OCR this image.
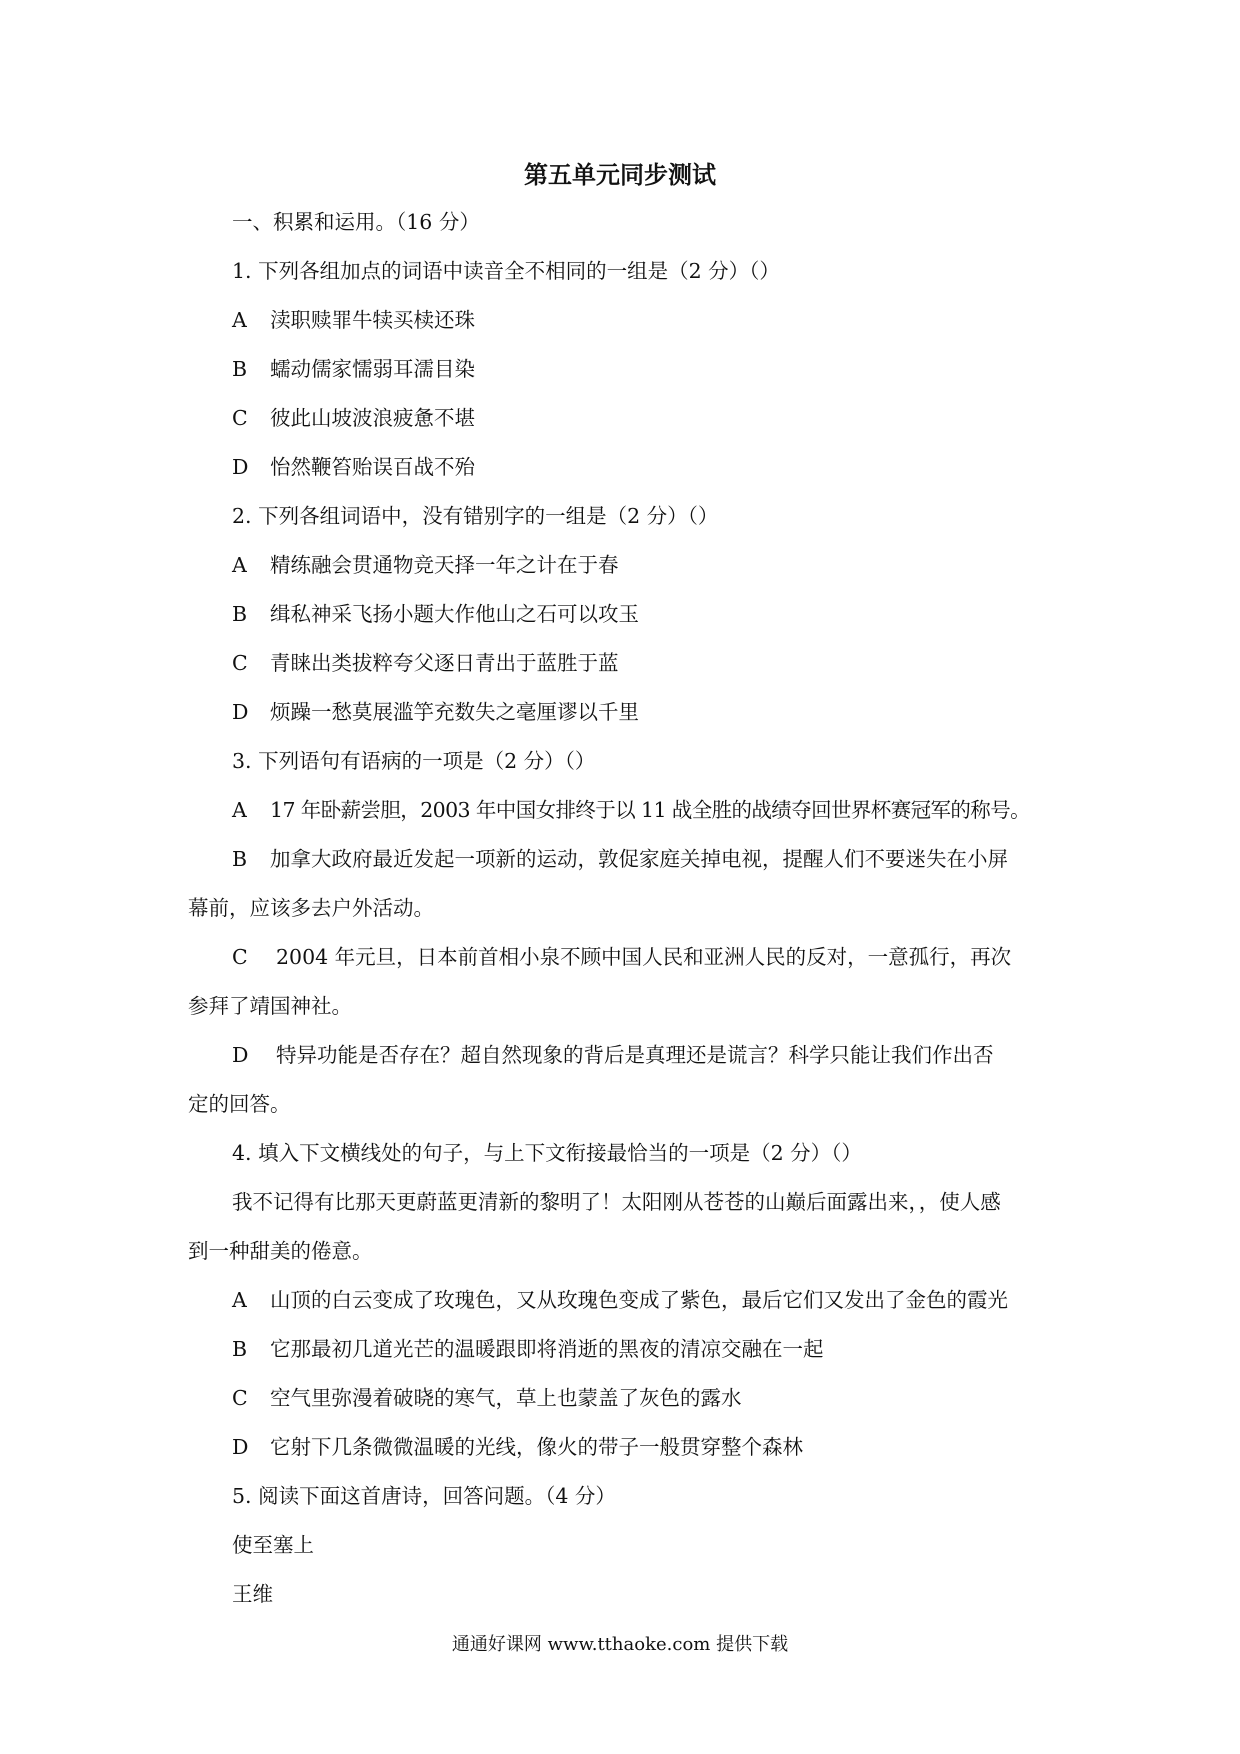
第五单元同步测试
一、积累和运用。（16 分）
1. 下列各组加点的词语中读音全不相同的一组是（2 分）（）
A 渎职赎罪牛犊买椟还珠
B 蠕动儒家懦弱耳濡目染
C 彼此山坡波浪疲惫不堪
D 怡然鞭笞贻误百战不殆
2. 下列各组词语中，没有错别字的一组是（2 分）（）
A 精练融会贯通物竞天择一年之计在于春
B 缉私神采飞扬小题大作他山之石可以攻玉
C 青睐出类拔粹夸父逐日青出于蓝胜于蓝
D 烦躁一愁莫展滥竽充数失之毫厘谬以千里
3. 下列语句有语病的一项是（2 分）（）
A 17 年卧薪尝胆，2003 年中国女排终于以 11 战全胜的战绩夺回世界杯赛冠军的称号。
B 加拿大政府最近发起一项新的运动，敦促家庭关掉电视，提醒人们不要迷失在小屏
幕前，应该多去户外活动。
C 2004 年元旦，日本前首相小泉不顾中国人民和亚洲人民的反对，一意孤行，再次
参拜了靖国神社。
D 特异功能是否存在？超自然现象的背后是真理还是谎言？科学只能让我们作出否
定的回答。
4. 填入下文横线处的句子，与上下文衔接最恰当的一项是（2 分）（）
我不记得有比那天更蔚蓝更清新的黎明了！太阳刚从苍苍的山巅后面露出来，，使人感
到一种甜美的倦意。
A 山顶的白云变成了玫瑰色，又从玫瑰色变成了紫色，最后它们又发出了金色的霞光
B 它那最初几道光芒的温暖跟即将消逝的黑夜的清凉交融在一起
C 空气里弥漫着破晓的寒气，草上也蒙盖了灰色的露水
D 它射下几条微微温暖的光线，像火的带子一般贯穿整个森林
5. 阅读下面这首唐诗，回答问题。（4 分）
使至塞上
王维
通通好课网 www.tthaoke.com 提供下载
